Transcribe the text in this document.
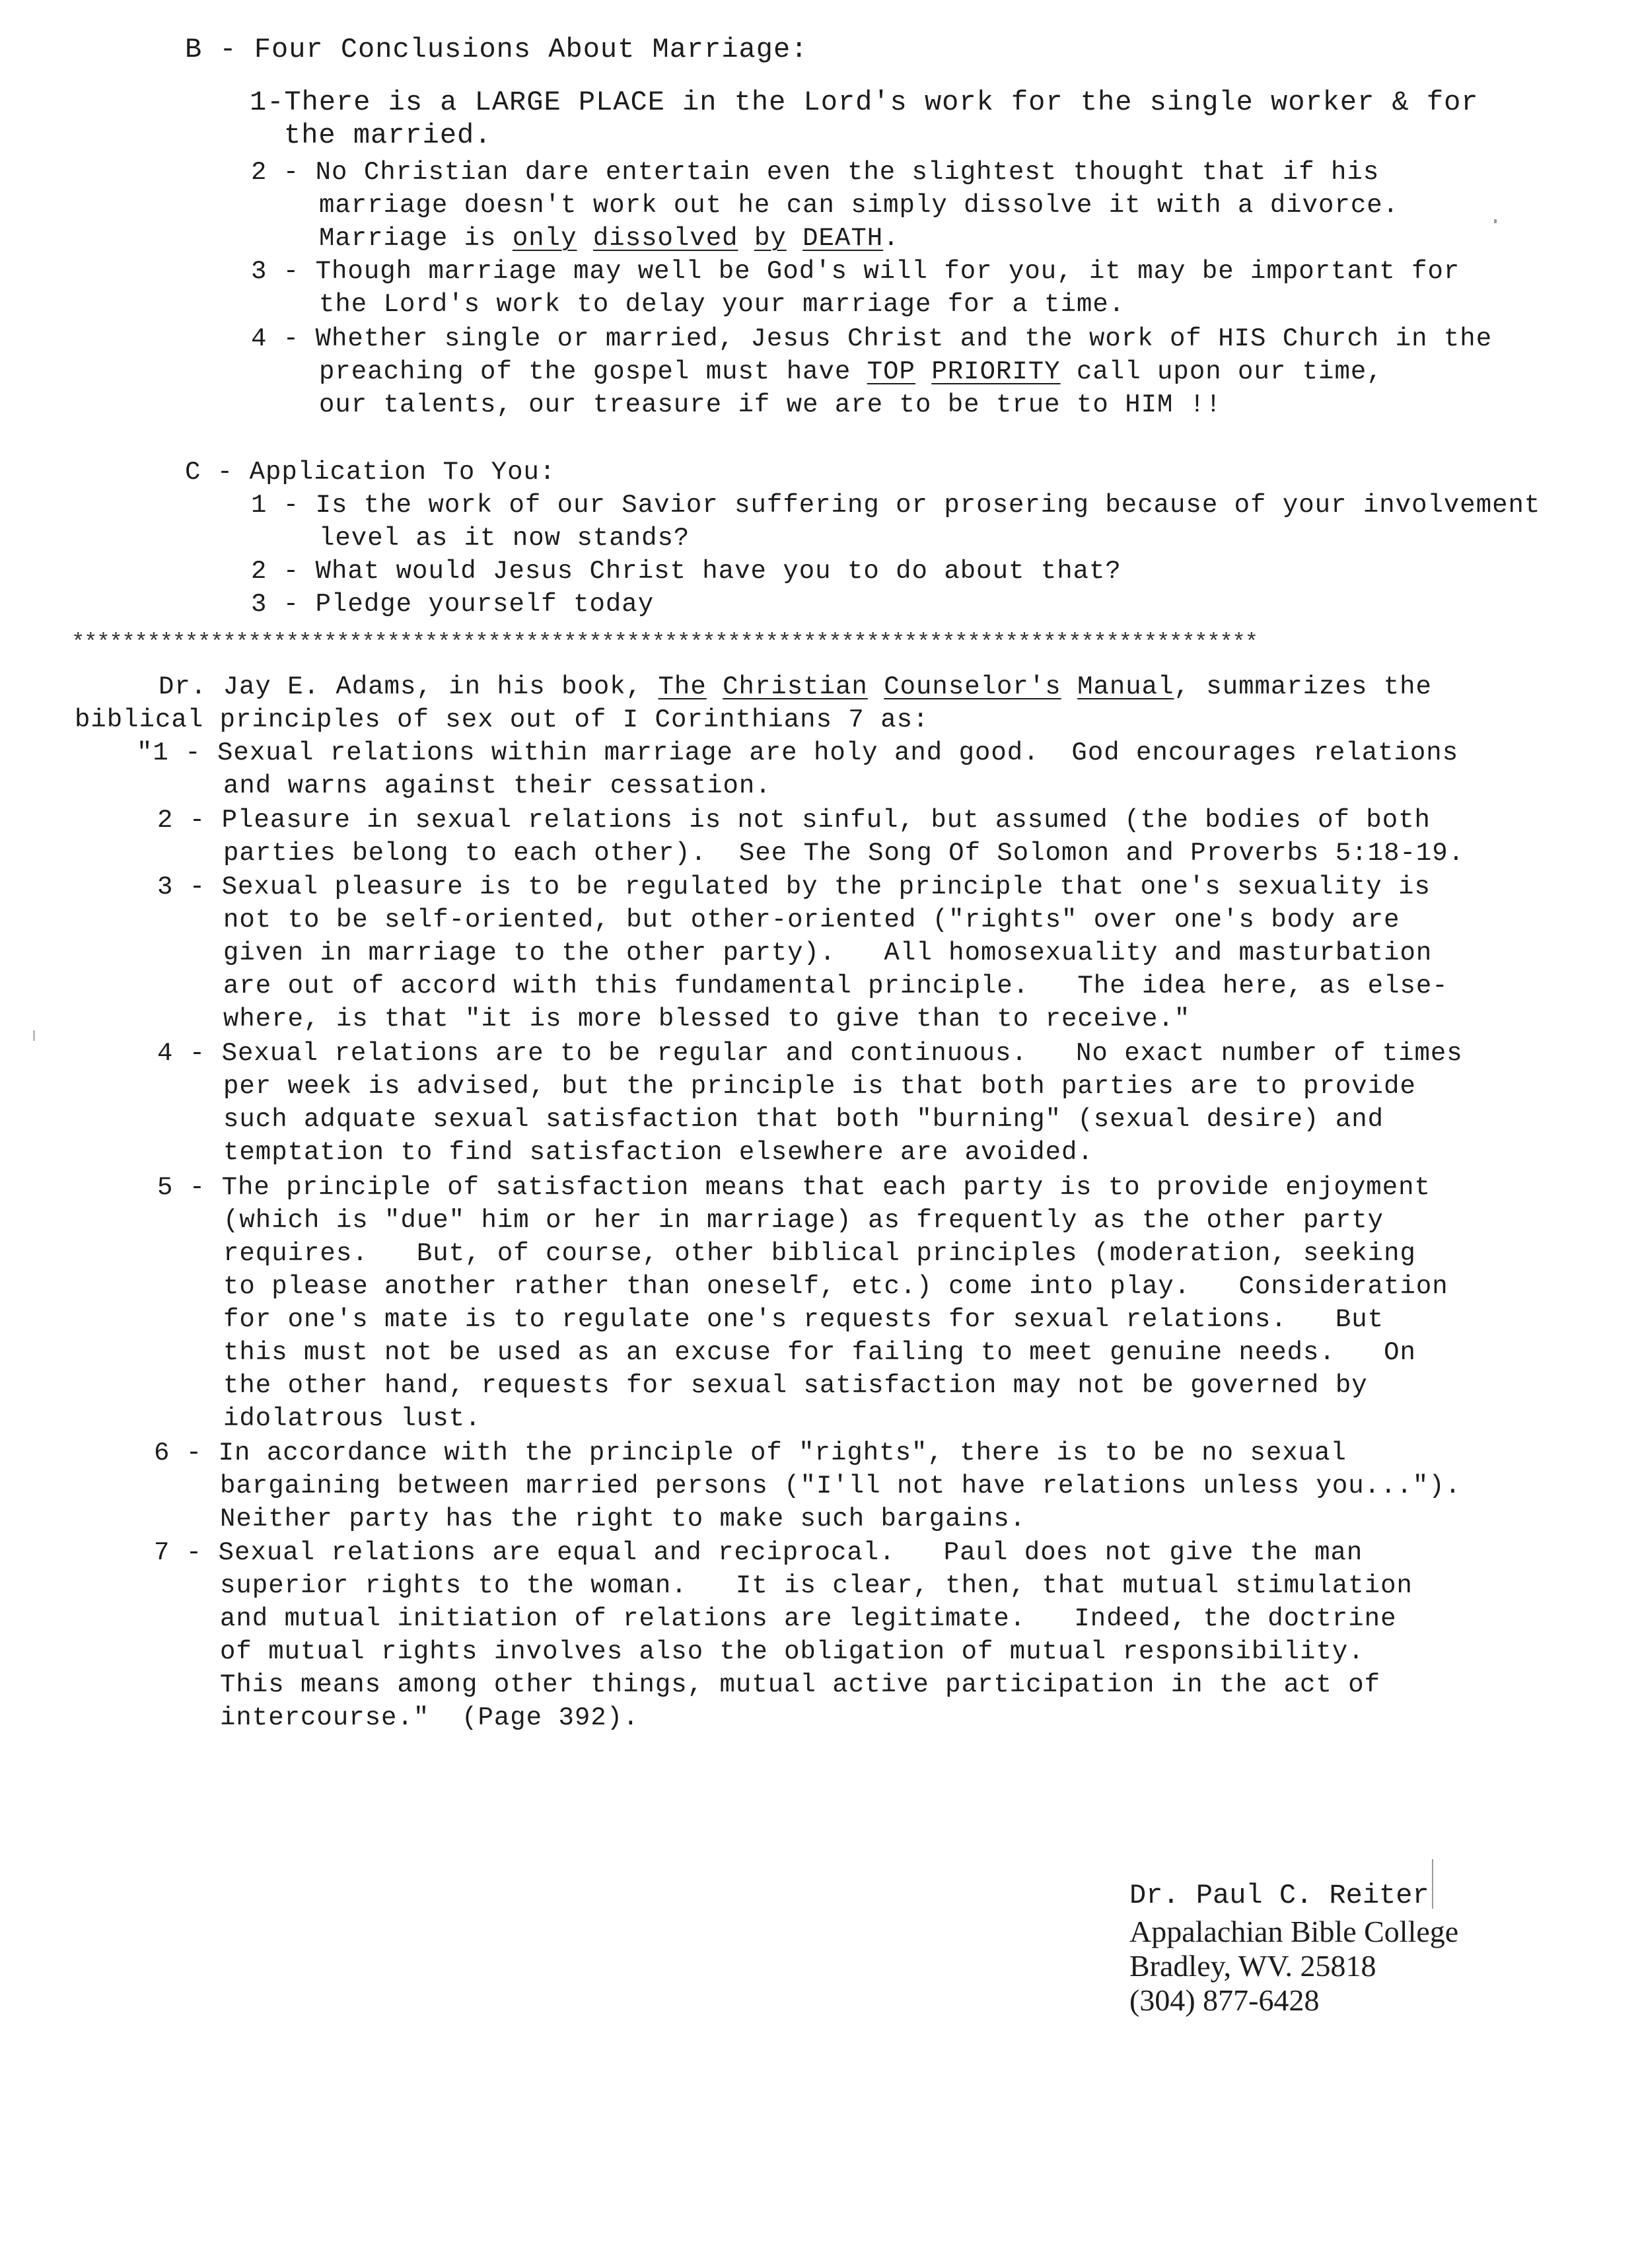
B - Four Conclusions About Marriage:
1-There is a LARGE PLACE in the Lord's work for the single worker & for
the married.
2 - No Christian dare entertain even the slightest thought that if his
marriage doesn't work out he can simply dissolve it with a divorce.
Marriage is only dissolved by DEATH.
3 - Though marriage may well be God's will for you, it may be important for
the Lord's work to delay your marriage for a time.
4 - Whether single or married, Jesus Christ and the work of HIS Church in the
preaching of the gospel must have TOP PRIORITY call upon our time,
our talents, our treasure if we are to be true to HIM !!
C - Application To You:
1 - Is the work of our Savior suffering or prosering because of your involvement
level as it now stands?
2 - What would Jesus Christ have you to do about that?
3 - Pledge yourself today
**********************************************************************************************
Dr. Jay E. Adams, in his book, The Christian Counselor's Manual, summarizes the
biblical principles of sex out of I Corinthians 7 as:
"1 - Sexual relations within marriage are holy and good.  God encourages relations
and warns against their cessation.
2 - Pleasure in sexual relations is not sinful, but assumed (the bodies of both
parties belong to each other).  See The Song Of Solomon and Proverbs 5:18-19.
3 - Sexual pleasure is to be regulated by the principle that one's sexuality is
not to be self-oriented, but other-oriented ("rights" over one's body are
given in marriage to the other party).   All homosexuality and masturbation
are out of accord with this fundamental principle.   The idea here, as else-
where, is that "it is more blessed to give than to receive."
4 - Sexual relations are to be regular and continuous.   No exact number of times
per week is advised, but the principle is that both parties are to provide
such adquate sexual satisfaction that both "burning" (sexual desire) and
temptation to find satisfaction elsewhere are avoided.
5 - The principle of satisfaction means that each party is to provide enjoyment
(which is "due" him or her in marriage) as frequently as the other party
requires.   But, of course, other biblical principles (moderation, seeking
to please another rather than oneself, etc.) come into play.   Consideration
for one's mate is to regulate one's requests for sexual relations.   But
this must not be used as an excuse for failing to meet genuine needs.   On
the other hand, requests for sexual satisfaction may not be governed by
idolatrous lust.
6 - In accordance with the principle of "rights", there is to be no sexual
bargaining between married persons ("I'll not have relations unless you...").
Neither party has the right to make such bargains.
7 - Sexual relations are equal and reciprocal.   Paul does not give the man
superior rights to the woman.   It is clear, then, that mutual stimulation
and mutual initiation of relations are legitimate.   Indeed, the doctrine
of mutual rights involves also the obligation of mutual responsibility.
This means among other things, mutual active participation in the act of
intercourse."  (Page 392).
Dr. Paul C. Reiter
Appalachian Bible College
Bradley, WV. 25818
(304) 877-6428
